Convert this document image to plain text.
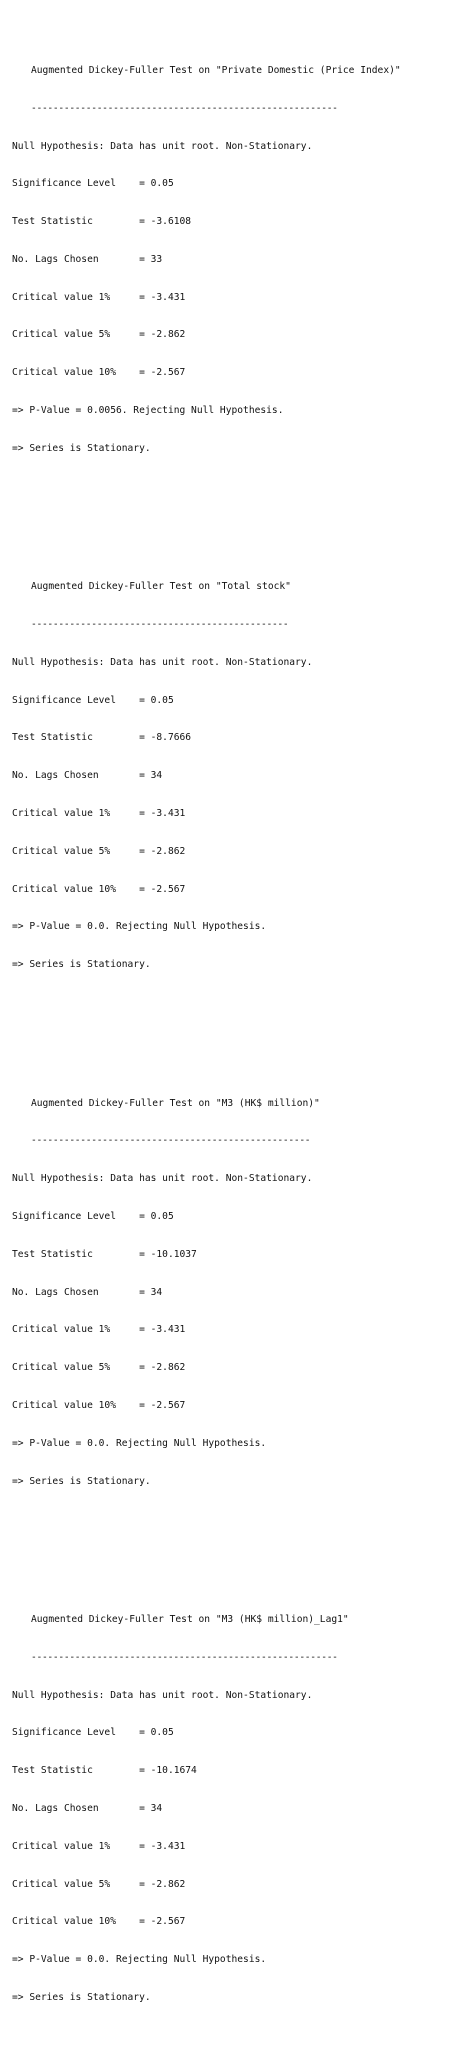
Augmented Dickey-Fuller Test on "Private Domestic (Price Index)"

--------------------------------------------------------

Null Hypothesis: Data has unit root. Non-Stationary.

Significance Level    = 0.05

Test Statistic        = -3.6108

No. Lags Chosen       = 33

Critical value 1%     = -3.431

Critical value 5%     = -2.862

Critical value 10%    = -2.567

=> P-Value = 0.0056. Rejecting Null Hypothesis.

=> Series is Stationary.

Augmented Dickey-Fuller Test on "Total stock"

-----------------------------------------------

Null Hypothesis: Data has unit root. Non-Stationary.

Significance Level    = 0.05

Test Statistic        = -8.7666

No. Lags Chosen       = 34

Critical value 1%     = -3.431

Critical value 5%     = -2.862

Critical value 10%    = -2.567

=> P-Value = 0.0. Rejecting Null Hypothesis.

=> Series is Stationary.

Augmented Dickey-Fuller Test on "M3 (HK$ million)"

---------------------------------------------------

Null Hypothesis: Data has unit root. Non-Stationary.

Significance Level    = 0.05

Test Statistic        = -10.1037

No. Lags Chosen       = 34

Critical value 1%     = -3.431

Critical value 5%     = -2.862

Critical value 10%    = -2.567

=> P-Value = 0.0. Rejecting Null Hypothesis.

=> Series is Stationary.

Augmented Dickey-Fuller Test on "M3 (HK$ million)_Lag1"

--------------------------------------------------------

Null Hypothesis: Data has unit root. Non-Stationary.

Significance Level    = 0.05

Test Statistic        = -10.1674

No. Lags Chosen       = 34

Critical value 1%     = -3.431

Critical value 5%     = -2.862

Critical value 10%    = -2.567

=> P-Value = 0.0. Rejecting Null Hypothesis.

=> Series is Stationary.
